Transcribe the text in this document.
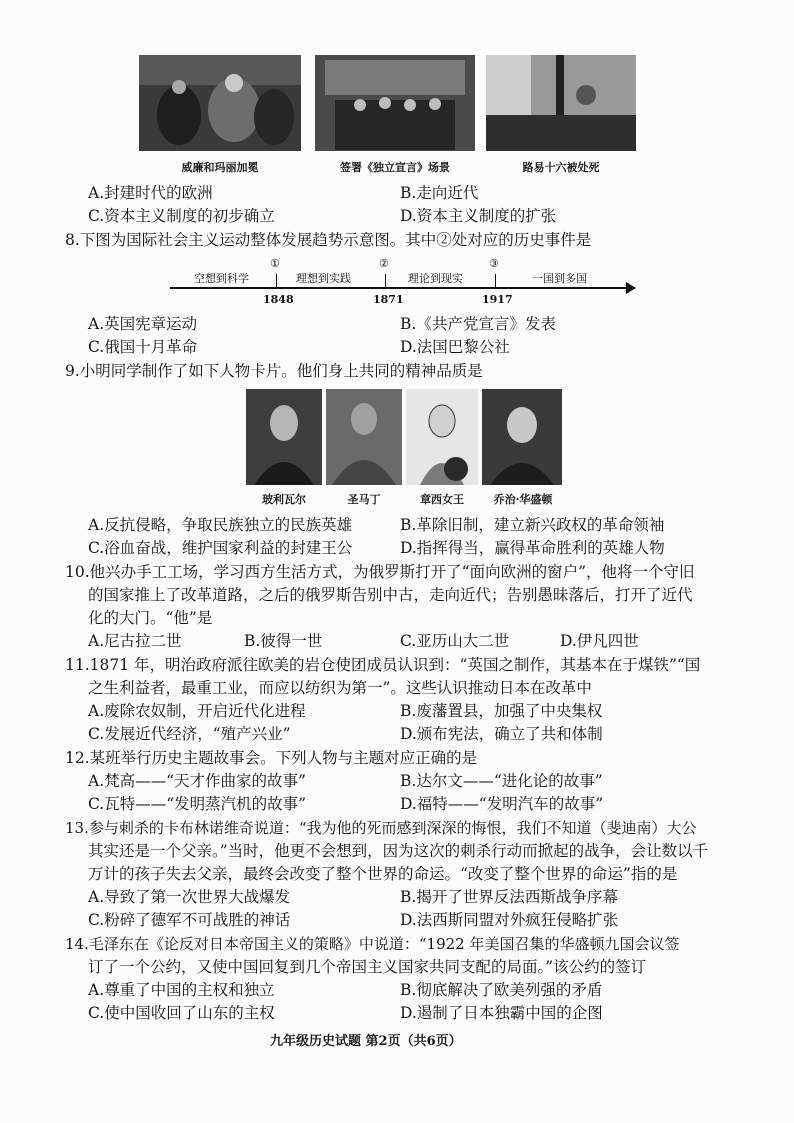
威廉和玛丽加冕	签署《独立宣言》场景	路易十六被处死
A.封建时代的欧洲	B.走向近代
C.资本主义制度的初步确立	D.资本主义制度的扩张
8.下图为国际社会主义运动整体发展趋势示意图。其中②处对应的历史事件是
①	②	③
空想到科学	理想到实践	理论到现实	一国到多国
1848	1871	1917
A.英国宪章运动	B.《共产党宣言》发表
C.俄国十月革命	D.法国巴黎公社
9.小明同学制作了如下人物卡片。他们身上共同的精神品质是
玻利瓦尔	圣马丁	章西女王	乔治·华盛顿
A.反抗侵略，争取民族独立的民族英雄	B.革除旧制，建立新兴政权的革命领袖
C.浴血奋战，维护国家利益的封建王公	D.指挥得当，赢得革命胜利的英雄人物
10.他兴办手工工场，学习西方生活方式，为俄罗斯打开了“面向欧洲的窗户”，他将一个守旧
的国家推上了改革道路，之后的俄罗斯告别中古，走向近代；告别愚昧落后，打开了近代
化的大门。“他”是
A.尼古拉二世	B.彼得一世	C.亚历山大二世	D.伊凡四世
11.1871 年，明治政府派往欧美的岩仓使团成员认识到：“英国之制作，其基本在于煤铁”“国
之生利益者，最重工业，而应以纺织为第一”。这些认识推动日本在改革中
A.废除农奴制，开启近代化进程	B.废藩置县，加强了中央集权
C.发展近代经济，“殖产兴业”	D.颁布宪法，确立了共和体制
12.某班举行历史主题故事会。下列人物与主题对应正确的是
A.梵高——“天才作曲家的故事”	B.达尔文——“进化论的故事”
C.瓦特——“发明蒸汽机的故事”	D.福特——“发明汽车的故事”
13.参与刺杀的卡布林诺维奇说道：“我为他的死而感到深深的悔恨，我们不知道（斐迪南）大公
其实还是一个父亲。”当时，他更不会想到，因为这次的刺杀行动而掀起的战争，会让数以千
万计的孩子失去父亲，最终会改变了整个世界的命运。“改变了整个世界的命运”指的是
A.导致了第一次世界大战爆发	B.揭开了世界反法西斯战争序幕
C.粉碎了德军不可战胜的神话	D.法西斯同盟对外疯狂侵略扩张
14.毛泽东在《论反对日本帝国主义的策略》中说道：“1922 年美国召集的华盛顿九国会议签
订了一个公约，又使中国回复到几个帝国主义国家共同支配的局面。”该公约的签订
A.尊重了中国的主权和独立	B.彻底解决了欧美列强的矛盾
C.使中国收回了山东的主权	D.遏制了日本独霸中国的企图
九年级历史试题 第2页（共6页）
